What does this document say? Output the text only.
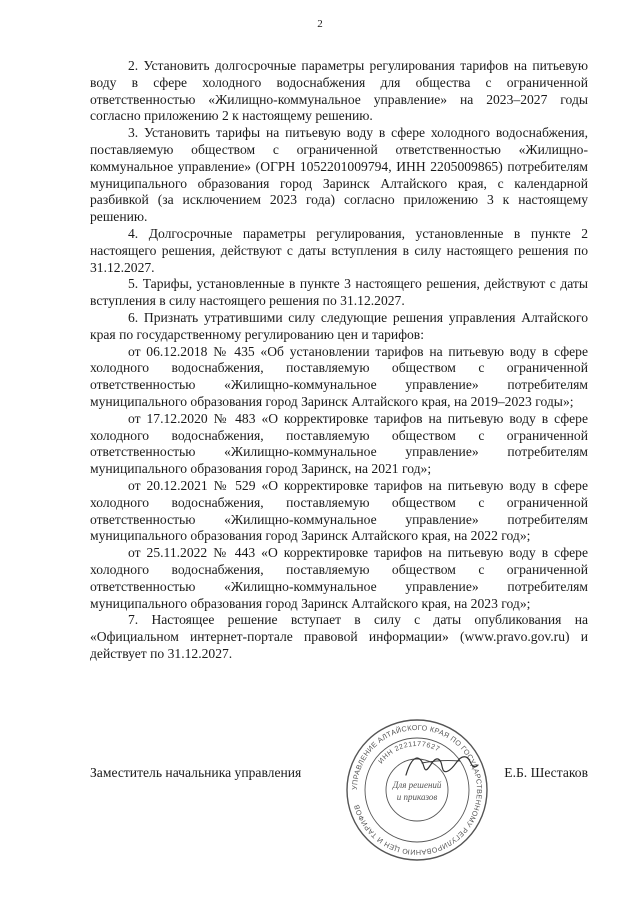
2

2. Установить долгосрочные параметры регулирования тарифов на питьевую воду в сфере холодного водоснабжения для общества с ограниченной ответственностью «Жилищно-коммунальное управление» на 2023–2027 годы согласно приложению 2 к настоящему решению.

3. Установить тарифы на питьевую воду в сфере холодного водоснабжения, поставляемую обществом с ограниченной ответственностью «Жилищно-коммунальное управление» (ОГРН 1052201009794, ИНН 2205009865) потребителям муниципального образования город Заринск Алтайского края, с календарной разбивкой (за исключением 2023 года) согласно приложению 3 к настоящему решению.

4. Долгосрочные параметры регулирования, установленные в пункте 2 настоящего решения, действуют с даты вступления в силу настоящего решения по 31.12.2027.

5. Тарифы, установленные в пункте 3 настоящего решения, действуют с даты вступления в силу настоящего решения по 31.12.2027.

6. Признать утратившими силу следующие решения управления Алтайского края по государственному регулированию цен и тарифов:

от 06.12.2018 № 435 «Об установлении тарифов на питьевую воду в сфере холодного водоснабжения, поставляемую обществом с ограниченной ответственностью «Жилищно-коммунальное управление» потребителям муниципального образования город Заринск Алтайского края, на 2019–2023 годы»;

от 17.12.2020 № 483 «О корректировке тарифов на питьевую воду в сфере холодного водоснабжения, поставляемую обществом с ограниченной ответственностью «Жилищно-коммунальное управление» потребителям муниципального образования город Заринск, на 2021 год»;

от 20.12.2021 № 529 «О корректировке тарифов на питьевую воду в сфере холодного водоснабжения, поставляемую обществом с ограниченной ответственностью «Жилищно-коммунальное управление» потребителям муниципального образования город Заринск Алтайского края, на 2022 год»;

от 25.11.2022 № 443 «О корректировке тарифов на питьевую воду в сфере холодного водоснабжения, поставляемую обществом с ограниченной ответственностью «Жилищно-коммунальное управление» потребителям муниципального образования город Заринск Алтайского края, на 2023 год»;

7. Настоящее решение вступает в силу с даты опубликования на «Официальном интернет-портале правовой информации» (www.pravo.gov.ru) и действует по 31.12.2027.

Заместитель начальника управления	Е.Б. Шестаков
УПРАВЛЕНИЕ АЛТАЙСКОГО КРАЯ ПО ГОСУДАРСТВЕННОМУ РЕГУЛИРОВАНИЮ ЦЕН И ТАРИФОВ
ИНН 2221177627
Для решений
и приказов
